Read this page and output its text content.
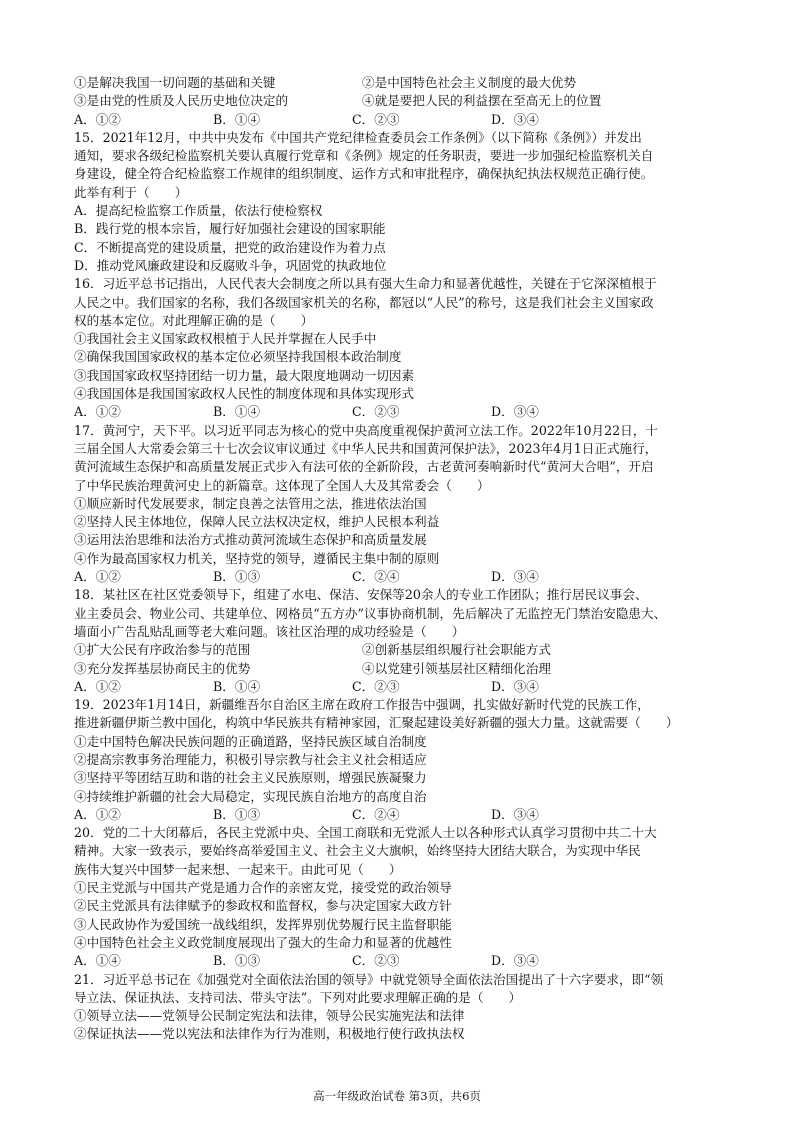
①是解决我国一切问题的基础和关键	②是中国特色社会主义制度的最大优势
③是由党的性质及人民历史地位决定的	④就是要把人民的利益摆在至高无上的位置
A．①②	B．①④	C．②③	D．③④
15．2021年12月，中共中央发布《中国共产党纪律检查委员会工作条例》（以下简称《条例》）并发出
通知，要求各级纪检监察机关要认真履行党章和《条例》规定的任务职责，要进一步加强纪检监察机关自
身建设，健全符合纪检监察工作规律的组织制度、运作方式和审批程序，确保执纪执法权规范正确行使。
此举有利于（　　）
A．提高纪检监察工作质量，依法行使检察权
B．践行党的根本宗旨，履行好加强社会建设的国家职能
C．不断提高党的建设质量，把党的政治建设作为着力点
D．推动党风廉政建设和反腐败斗争，巩固党的执政地位
16．习近平总书记指出，人民代表大会制度之所以具有强大生命力和显著优越性，关键在于它深深植根于
人民之中。我们国家的名称，我们各级国家机关的名称，都冠以“人民”的称号，这是我们社会主义国家政
权的基本定位。对此理解正确的是（　　）
①我国社会主义国家政权根植于人民并掌握在人民手中
②确保我国国家政权的基本定位必须坚持我国根本政治制度
③我国国家政权坚持团结一切力量，最大限度地调动一切因素
④我国国体是我国国家政权人民性的制度体现和具体实现形式
A．①②	B．①④	C．②③	D．③④
17．黄河宁，天下平。以习近平同志为核心的党中央高度重视保护黄河立法工作。2022年10月22日，十
三届全国人大常委会第三十七次会议审议通过《中华人民共和国黄河保护法》，2023年4月1日正式施行，
黄河流域生态保护和高质量发展正式步入有法可依的全新阶段，古老黄河奏响新时代“黄河大合唱”，开启
了中华民族治理黄河史上的新篇章。这体现了全国人大及其常委会（　　）
①顺应新时代发展要求，制定良善之法管用之法，推进依法治国
②坚持人民主体地位，保障人民立法权决定权，维护人民根本利益
③运用法治思维和法治方式推动黄河流域生态保护和高质量发展
④作为最高国家权力机关，坚持党的领导，遵循民主集中制的原则
A．①②	B．①③	C．②④	D．③④
18．某社区在社区党委领导下，组建了水电、保洁、安保等20余人的专业工作团队；推行居民议事会、
业主委员会、物业公司、共建单位、网格员“五方办”议事协商机制，先后解决了无监控无门禁治安隐患大、
墙面小广告乱贴乱画等老大难问题。该社区治理的成功经验是（　　）
①扩大公民有序政治参与的范围	②创新基层组织履行社会职能方式
③充分发挥基层协商民主的优势	④以党建引领基层社区精细化治理
A．①②	B．①④	C．②③	D．③④
19．2023年1月14日，新疆维吾尔自治区主席在政府工作报告中强调，扎实做好新时代党的民族工作，
推进新疆伊斯兰教中国化，构筑中华民族共有精神家园，汇聚起建设美好新疆的强大力量。这就需要（　　）
①走中国特色解决民族问题的正确道路，坚持民族区域自治制度
②提高宗教事务治理能力，积极引导宗教与社会主义社会相适应
③坚持平等团结互助和谐的社会主义民族原则，增强民族凝聚力
④持续维护新疆的社会大局稳定，实现民族自治地方的高度自治
A．①②	B．①③	C．②④	D．③④
20．党的二十大闭幕后，各民主党派中央、全国工商联和无党派人士以各种形式认真学习贯彻中共二十大
精神。大家一致表示，要始终高举爱国主义、社会主义大旗帜，始终坚持大团结大联合，为实现中华民
族伟大复兴中国梦一起来想、一起来干。由此可见（　　）
①民主党派与中国共产党是通力合作的亲密友党，接受党的政治领导
②民主党派具有法律赋予的参政权和监督权，参与决定国家大政方针
③人民政协作为爱国统一战线组织，发挥界别优势履行民主监督职能
④中国特色社会主义政党制度展现出了强大的生命力和显著的优越性
A．①④	B．①③	C．②③	D．③④
21．习近平总书记在《加强党对全面依法治国的领导》中就党领导全面依法治国提出了十六字要求，即“领
导立法、保证执法、支持司法、带头守法”。下列对此要求理解正确的是（　　）
①领导立法——党领导公民制定宪法和法律，领导公民实施宪法和法律
②保证执法——党以宪法和法律作为行为准则，积极地行使行政执法权
高一年级政治试卷 第3页，共6页
